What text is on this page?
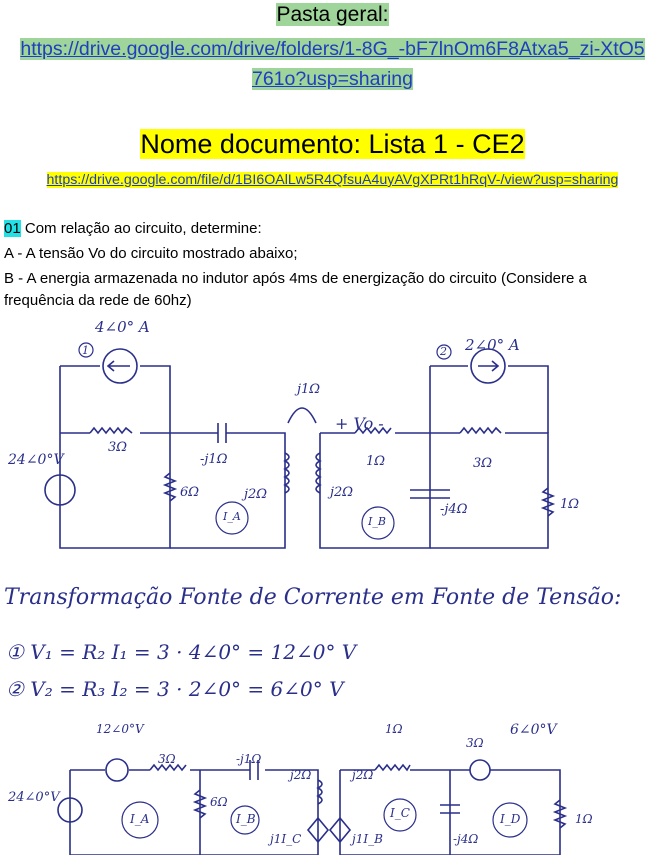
Pasta geral:
https://drive.google.com/drive/folders/1-8G_-bF7lnOm6F8Atxa5_zi-XtO5
761o?usp=sharing
Nome documento: Lista 1 - CE2
https://drive.google.com/file/d/1BI6OAlLw5R4QfsuA4uyAVgXPRt1hRqV-/view?usp=sharing
01 Com relação ao circuito, determine:
A - A tensão Vo do circuito mostrado abaixo;
B - A energia armazenada no indutor após 4ms de energização do circuito (Considere a frequência da rede de 60hz)
4∠0° A
1	2∠0° A
2
24∠0°V
3Ω
-j1Ω
6Ω	j2Ω	j2Ω
j1Ω
+ Vo -
1Ω	3Ω
-j4Ω	1Ω
I_A	I_B
Transformação Fonte de Corrente em Fonte de Tensão:
① V₁ = R₂ I₁ = 3 · 4∠0° = 12∠0° V
② V₂ = R₃ I₂ = 3 · 2∠0° = 6∠0° V
12∠0°V
24∠0°V
6∠0°V
3Ω	-j1Ω
6Ω
j2Ω
j1I_C	j1I_B
j2Ω
1Ω
3Ω
-j4Ω
1Ω
I_A	I_B	I_C	I_D
